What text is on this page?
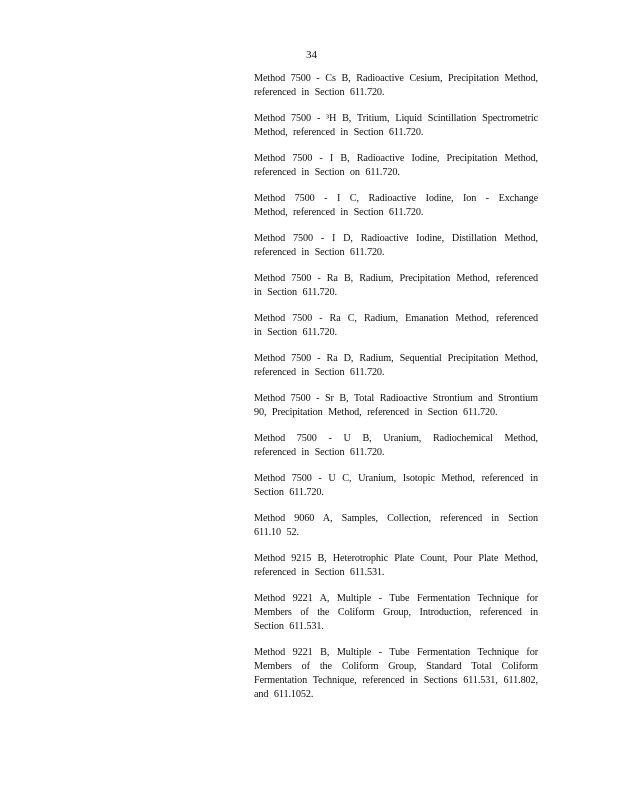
34

Method 7500 - Cs B, Radioactive Cesium, Precipitation Method, referenced in Section 611.720.

Method 7500 - ³H B, Tritium, Liquid Scintillation Spectrometric Method, referenced in Section 611.720.

Method 7500 - I B, Radioactive Iodine, Precipitation Method, referenced in Section on 611.720.

Method 7500 - I C, Radioactive Iodine, Ion - Exchange Method, referenced in Section 611.720.

Method 7500 - I D, Radioactive Iodine, Distillation Method, referenced in Section 611.720.

Method 7500 - Ra B, Radium, Precipitation Method, referenced in Section 611.720.

Method 7500 - Ra C, Radium, Emanation Method, referenced in Section 611.720.

Method 7500 - Ra D, Radium, Sequential Precipitation Method, referenced in Section 611.720.

Method 7500 - Sr B, Total Radioactive Strontium and Strontium 90, Precipitation Method, referenced in Section 611.720.

Method 7500 - U B, Uranium, Radiochemical Method, referenced in Section 611.720.

Method 7500 - U C, Uranium, Isotopic Method, referenced in Section 611.720.

Method 9060 A, Samples, Collection, referenced in Section 611.10 52.

Method 9215 B, Heterotrophic Plate Count, Pour Plate Method, referenced in Section 611.531.

Method 9221 A, Multiple - Tube Fermentation Technique for Members of the Coliform Group, Introduction, referenced in Section 611.531.

Method 9221 B, Multiple - Tube Fermentation Technique for Members of the Coliform Group, Standard Total Coliform Fermentation Technique, referenced in Sections 611.531, 611.802, and 611.1052.
